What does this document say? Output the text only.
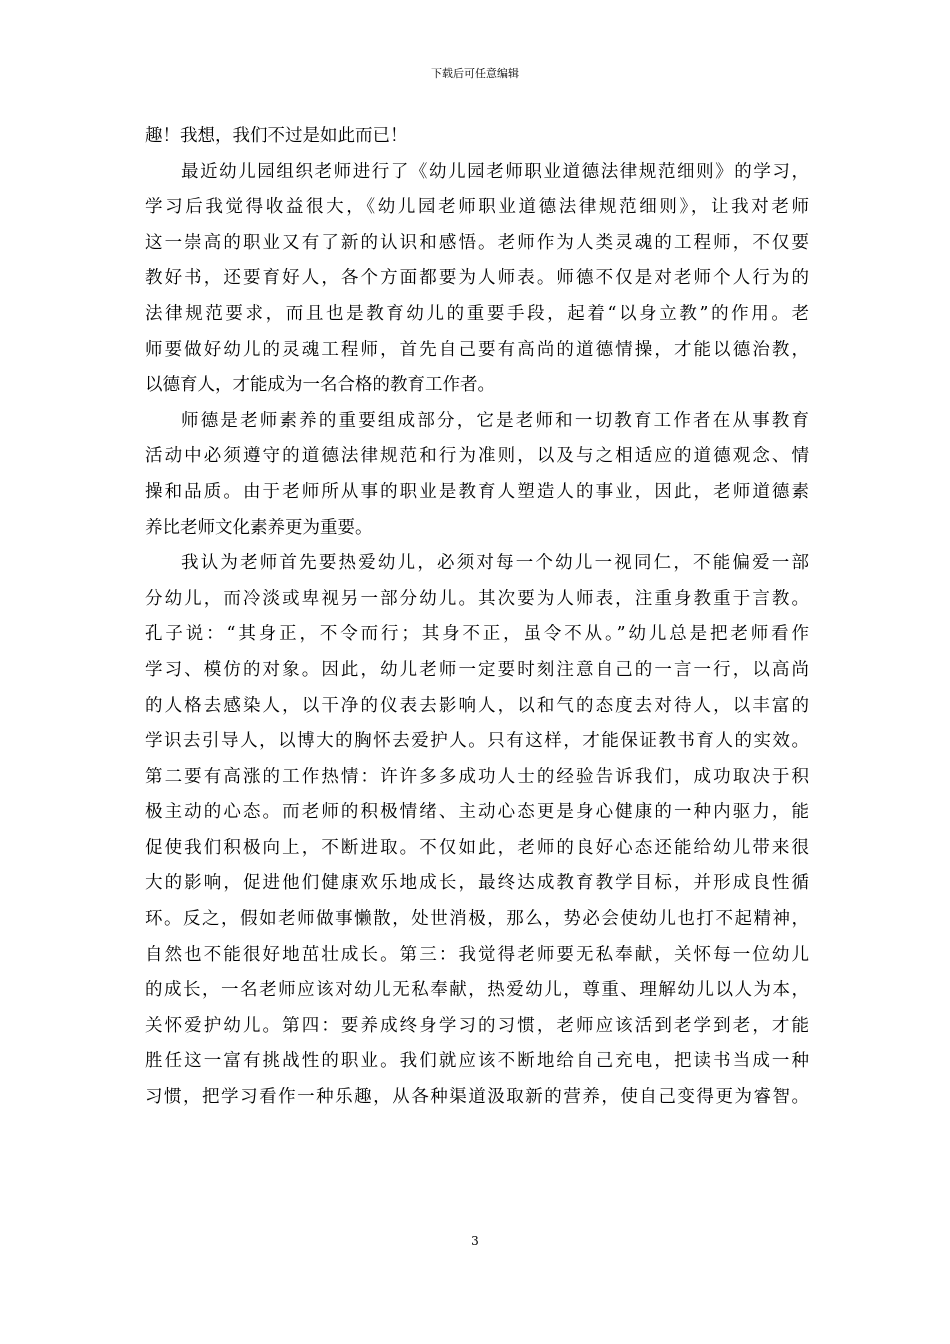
下载后可任意编辑
趣！我想，我们不过是如此而已！
最近幼儿园组织老师进行了《幼儿园老师职业道德法律规范细则》的学习，
学习后我觉得收益很大，《幼儿园老师职业道德法律规范细则》，让我对老师
这一崇高的职业又有了新的认识和感悟。老师作为人类灵魂的工程师，不仅要
教好书，还要育好人，各个方面都要为人师表。师德不仅是对老师个人行为的
法律规范要求，而且也是教育幼儿的重要手段，起着“以身立教”的作用。老
师要做好幼儿的灵魂工程师，首先自己要有高尚的道德情操，才能以德治教，
以德育人，才能成为一名合格的教育工作者。
师德是老师素养的重要组成部分，它是老师和一切教育工作者在从事教育
活动中必须遵守的道德法律规范和行为准则，以及与之相适应的道德观念、情
操和品质。由于老师所从事的职业是教育人塑造人的事业，因此，老师道德素
养比老师文化素养更为重要。
我认为老师首先要热爱幼儿，必须对每一个幼儿一视同仁，不能偏爱一部
分幼儿，而冷淡或卑视另一部分幼儿。其次要为人师表，注重身教重于言教。
孔子说：“其身正，不令而行；其身不正，虽令不从。”幼儿总是把老师看作
学习、模仿的对象。因此，幼儿老师一定要时刻注意自己的一言一行，以高尚
的人格去感染人，以干净的仪表去影响人，以和气的态度去对待人，以丰富的
学识去引导人，以博大的胸怀去爱护人。只有这样，才能保证教书育人的实效。
第二要有高涨的工作热情：许许多多成功人士的经验告诉我们，成功取决于积
极主动的心态。而老师的积极情绪、主动心态更是身心健康的一种内驱力，能
促使我们积极向上，不断进取。不仅如此，老师的良好心态还能给幼儿带来很
大的影响，促进他们健康欢乐地成长，最终达成教育教学目标，并形成良性循
环。反之，假如老师做事懒散，处世消极，那么，势必会使幼儿也打不起精神，
自然也不能很好地茁壮成长。第三：我觉得老师要无私奉献，关怀每一位幼儿
的成长，一名老师应该对幼儿无私奉献，热爱幼儿，尊重、理解幼儿以人为本，
关怀爱护幼儿。第四：要养成终身学习的习惯，老师应该活到老学到老，才能
胜任这一富有挑战性的职业。我们就应该不断地给自己充电，把读书当成一种
习惯，把学习看作一种乐趣，从各种渠道汲取新的营养，使自己变得更为睿智。
3
